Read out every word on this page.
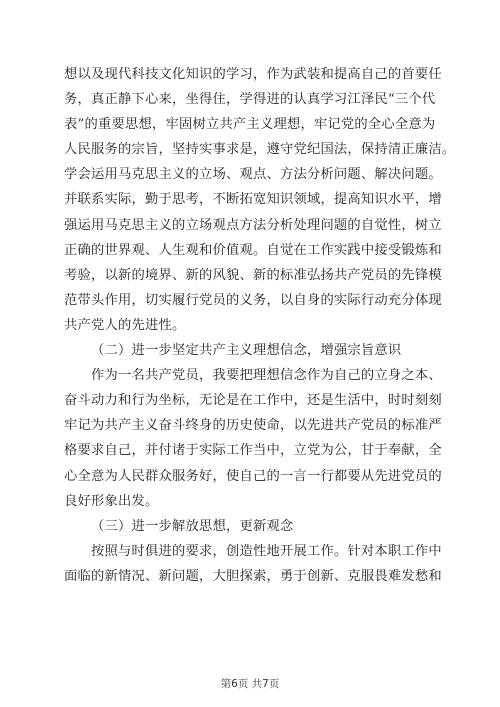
想以及现代科技文化知识的学习，作为武装和提高自己的首要任
务，真正静下心来，坐得住，学得进的认真学习江泽民“三个代
表”的重要思想，牢固树立共产主义理想，牢记党的全心全意为
人民服务的宗旨，坚持实事求是，遵守党纪国法，保持清正廉洁。
学会运用马克思主义的立场、观点、方法分析问题、解决问题。
并联系实际，勤于思考，不断拓宽知识领域，提高知识水平，增
强运用马克思主义的立场观点方法分析处理问题的自觉性，树立
正确的世界观、人生观和价值观。自觉在工作实践中接受锻炼和
考验，以新的境界、新的风貌、新的标准弘扬共产党员的先锋模
范带头作用，切实履行党员的义务，以自身的实际行动充分体现
共产党人的先进性。
（二）进一步坚定共产主义理想信念，增强宗旨意识
作为一名共产党员，我要把理想信念作为自己的立身之本、
奋斗动力和行为坐标，无论是在工作中，还是生活中，时时刻刻
牢记为共产主义奋斗终身的历史使命，以先进共产党员的标准严
格要求自己，并付诸于实际工作当中，立党为公，甘于奉献，全
心全意为人民群众服务好，使自己的一言一行都要从先进党员的
良好形象出发。
（三）进一步解放思想，更新观念
按照与时俱进的要求，创造性地开展工作。针对本职工作中
面临的新情况、新问题，大胆探索，勇于创新、克服畏难发愁和
第6页 共7页
